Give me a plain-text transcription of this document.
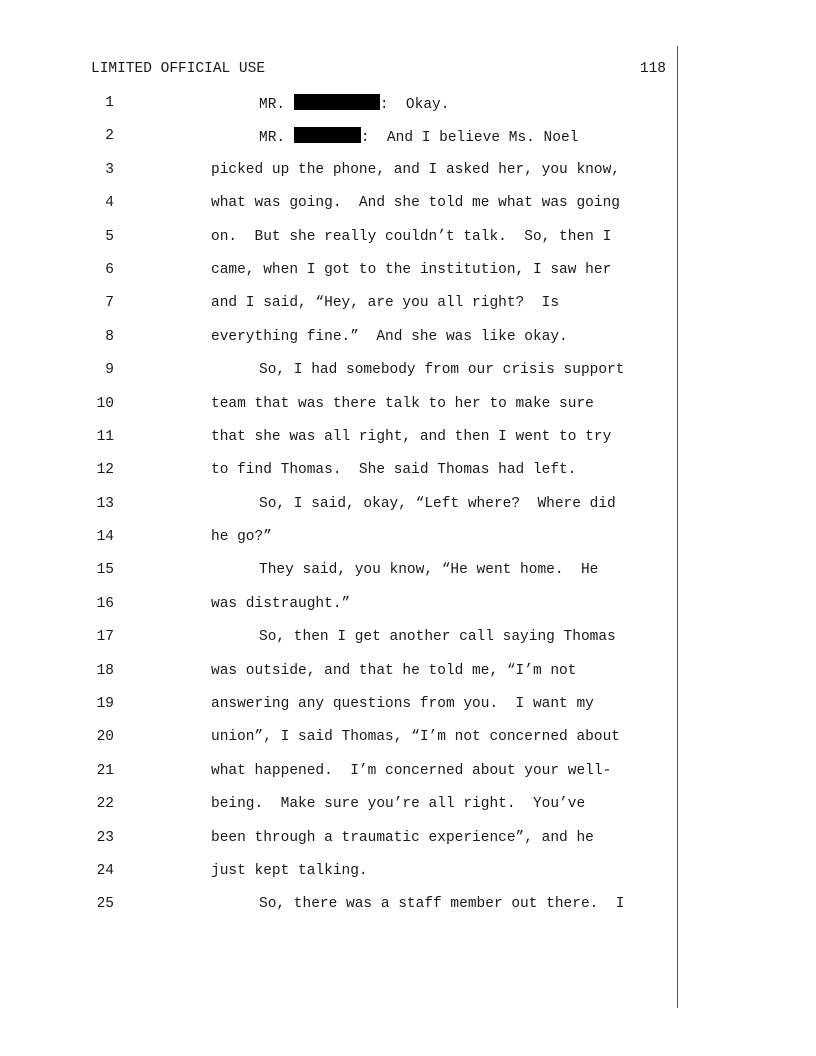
LIMITED OFFICIAL USE	118
1	MR.	:  Okay.
2	MR.	:  And I believe Ms. Noel
3	picked up the phone, and I asked her, you know,
4	what was going.  And she told me what was going
5	on.  But she really couldn’t talk.  So, then I
6	came, when I got to the institution, I saw her
7	and I said, “Hey, are you all right?  Is
8	everything fine.”  And she was like okay.
9	So, I had somebody from our crisis support
10	team that was there talk to her to make sure
11	that she was all right, and then I went to try
12	to find Thomas.  She said Thomas had left.
13	So, I said, okay, “Left where?  Where did
14	he go?”
15	They said, you know, “He went home.  He
16	was distraught.”
17	So, then I get another call saying Thomas
18	was outside, and that he told me, “I’m not
19	answering any questions from you.  I want my
20	union”, I said Thomas, “I’m not concerned about
21	what happened.  I’m concerned about your well-
22	being.  Make sure you’re all right.  You’ve
23	been through a traumatic experience”, and he
24	just kept talking.
25	So, there was a staff member out there.  I
